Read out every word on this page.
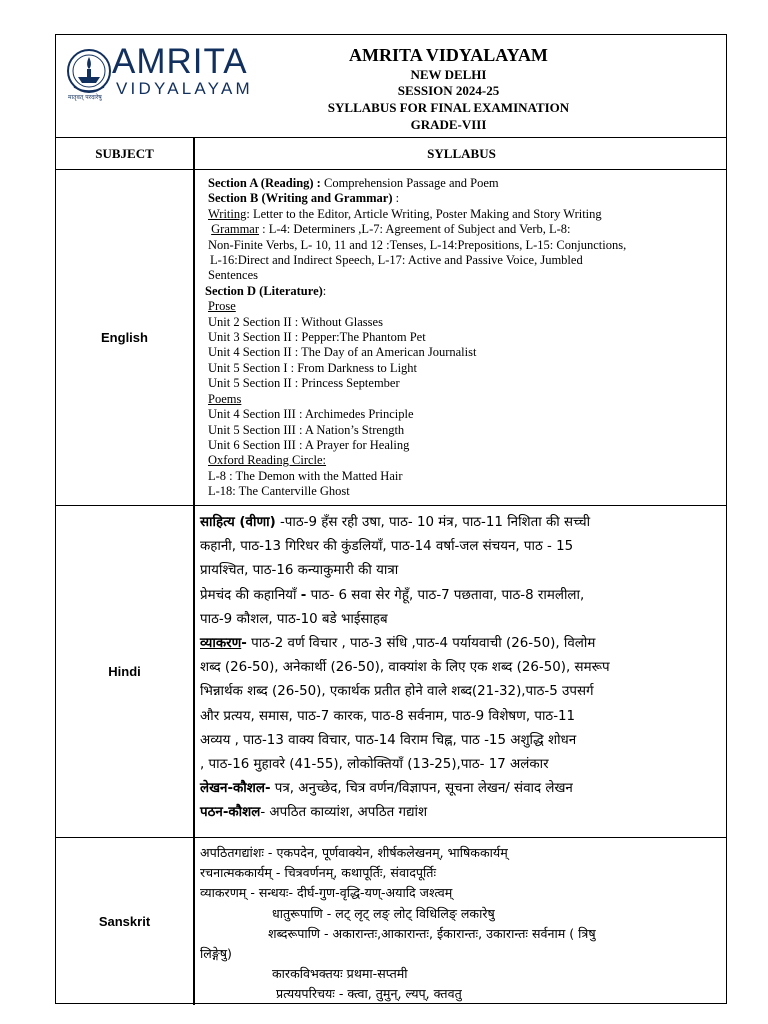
AMRITA
VIDYALAYAM
मातृवत् परदारेषु
AMRITA VIDYALAYAM
NEW DELHI
SESSION 2024-25
SYLLABUS FOR FINAL EXAMINATION
GRADE-VIII
SUBJECT	SYLLABUS
English
Section A (Reading) : Comprehension Passage and Poem
Section B (Writing and Grammar) :
Writing: Letter to the Editor, Article Writing, Poster Making and Story Writing
Grammar : L-4: Determiners ,L-7: Agreement of Subject and Verb, L-8:
Non-Finite Verbs, L- 10, 11 and 12 :Tenses, L-14:Prepositions, L-15: Conjunctions,
L-16:Direct and Indirect Speech, L-17: Active and Passive Voice, Jumbled
Sentences
Section D (Literature):
Prose
Unit 2 Section II : Without Glasses
Unit 3 Section II : Pepper:The Phantom Pet
Unit 4 Section II : The Day of an American Journalist
Unit 5 Section I : From Darkness to Light
Unit 5 Section II : Princess September
Poems
Unit 4 Section III : Archimedes Principle
Unit 5 Section III : A Nation’s Strength
Unit 6 Section III : A Prayer for Healing
Oxford Reading Circle:
L-8 : The Demon with the Matted Hair
L-18: The Canterville Ghost
Hindi
साहित्य (वीणा) -पाठ-9 हँस रही उषा, पाठ- 10 मंत्र, पाठ-11 निशिता की सच्ची
कहानी, पाठ-13 गिरिधर की कुंडलियाँ, पाठ-14 वर्षा-जल संचयन, पाठ - 15
प्रायश्चित, पाठ-16 कन्याकुमारी की यात्रा
प्रेमचंद की कहानियाँ - पाठ- 6 सवा सेर गेहूँ, पाठ-7 पछतावा, पाठ-8 रामलीला,
पाठ-9 कौशल, पाठ-10 बडे भाईसाहब
व्याकरण- पाठ-2 वर्ण विचार , पाठ-3 संधि ,पाठ-4 पर्यायवाची (26-50), विलोम
शब्द (26-50), अनेकार्थी (26-50), वाक्यांश के लिए एक शब्द (26-50), समरूप
भिन्नार्थक शब्द (26-50), एकार्थक प्रतीत होने वाले शब्द(21-32),पाठ-5 उपसर्ग
और प्रत्यय, समास, पाठ-7 कारक, पाठ-8 सर्वनाम, पाठ-9 विशेषण, पाठ-11
अव्यय , पाठ-13 वाक्य विचार, पाठ-14 विराम चिह्न, पाठ -15 अशुद्धि शोधन
, पाठ-16 मुहावरे (41-55), लोकोक्तियाँ (13-25),पाठ- 17 अलंकार
लेखन-कौशल- पत्र, अनुच्छेद, चित्र वर्णन/विज्ञापन, सूचना लेखन/ संवाद लेखन
पठन-कौशल- अपठित काव्यांश, अपठित गद्यांश
Sanskrit
अपठितगद्यांशः - एकपदेन, पूर्णवाक्येन, शीर्षकलेखनम्, भाषिककार्यम्
रचनात्मककार्यम् - चित्रवर्णनम्, कथापूर्तिः, संवादपूर्तिः
व्याकरणम् - सन्धयः- दीर्घ-गुण-वृद्धि-यण्-अयादि जश्त्वम्
धातुरूपाणि - लट् लृट् लङ् लोट् विधिलिङ् लकारेषु
शब्दरूपाणि - अकारान्तः,आकारान्तः, ईकारान्तः, उकारान्तः सर्वनाम ( त्रिषु
लिङ्गेषु)
कारकविभक्तयः प्रथमा-सप्तमी
प्रत्ययपरिचयः - क्त्वा, तुमुन्, ल्यप्, क्तवतु
